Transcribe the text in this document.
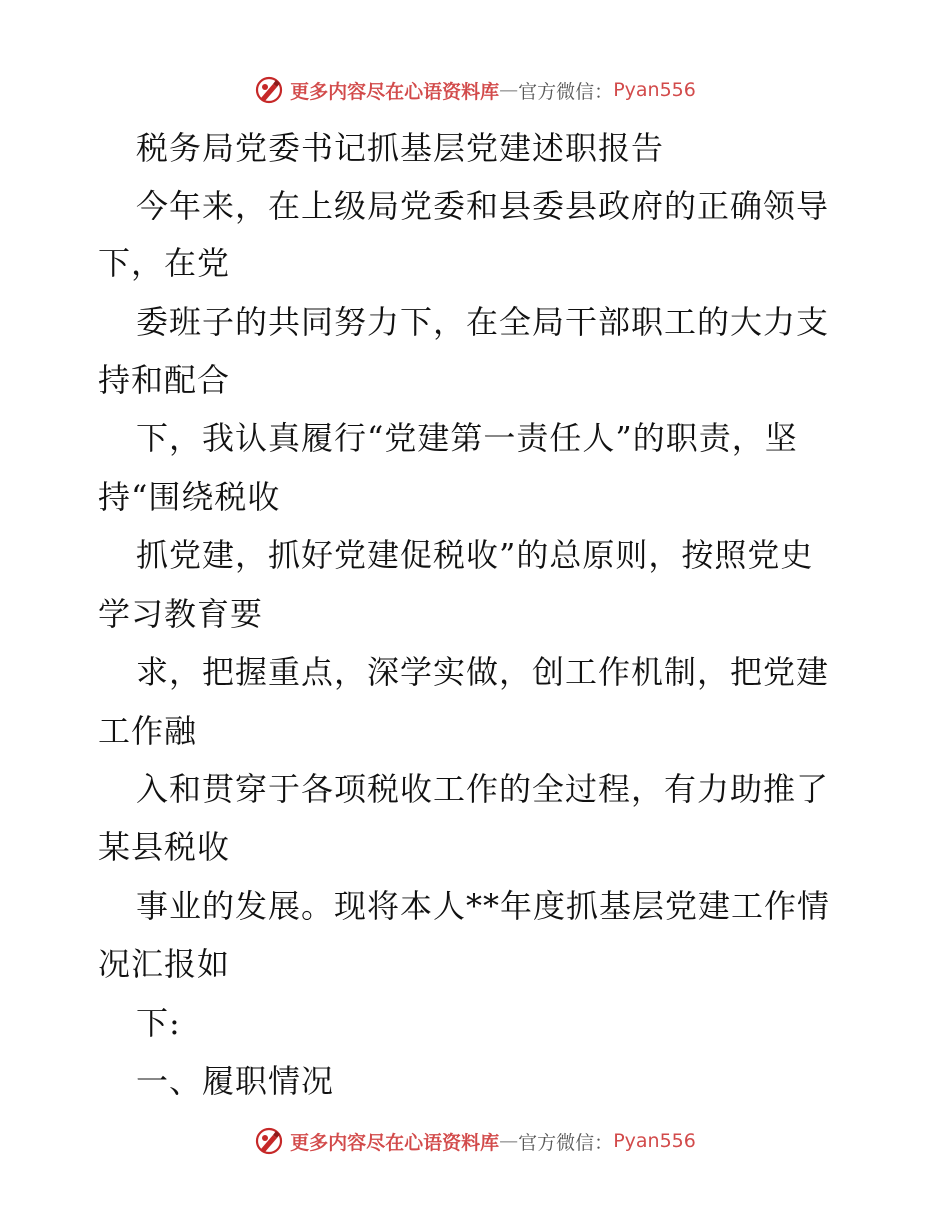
更多内容尽在心语资料库 — 官方微信： Pyan556
税务局党委书记抓基层党建述职报告
今年来，在上级局党委和县委县政府的正确领导
下，在党
委班子的共同努力下，在全局干部职工的大力支
持和配合
下，我认真履行“党建第一责任人”的职责，坚
持“围绕税收
抓党建，抓好党建促税收”的总原则，按照党史
学习教育要
求，把握重点，深学实做，创工作机制，把党建
工作融
入和贯穿于各项税收工作的全过程，有力助推了
某县税收
事业的发展。现将本人**年度抓基层党建工作情
况汇报如
下:
一、履职情况
更多内容尽在心语资料库 — 官方微信： Pyan556
